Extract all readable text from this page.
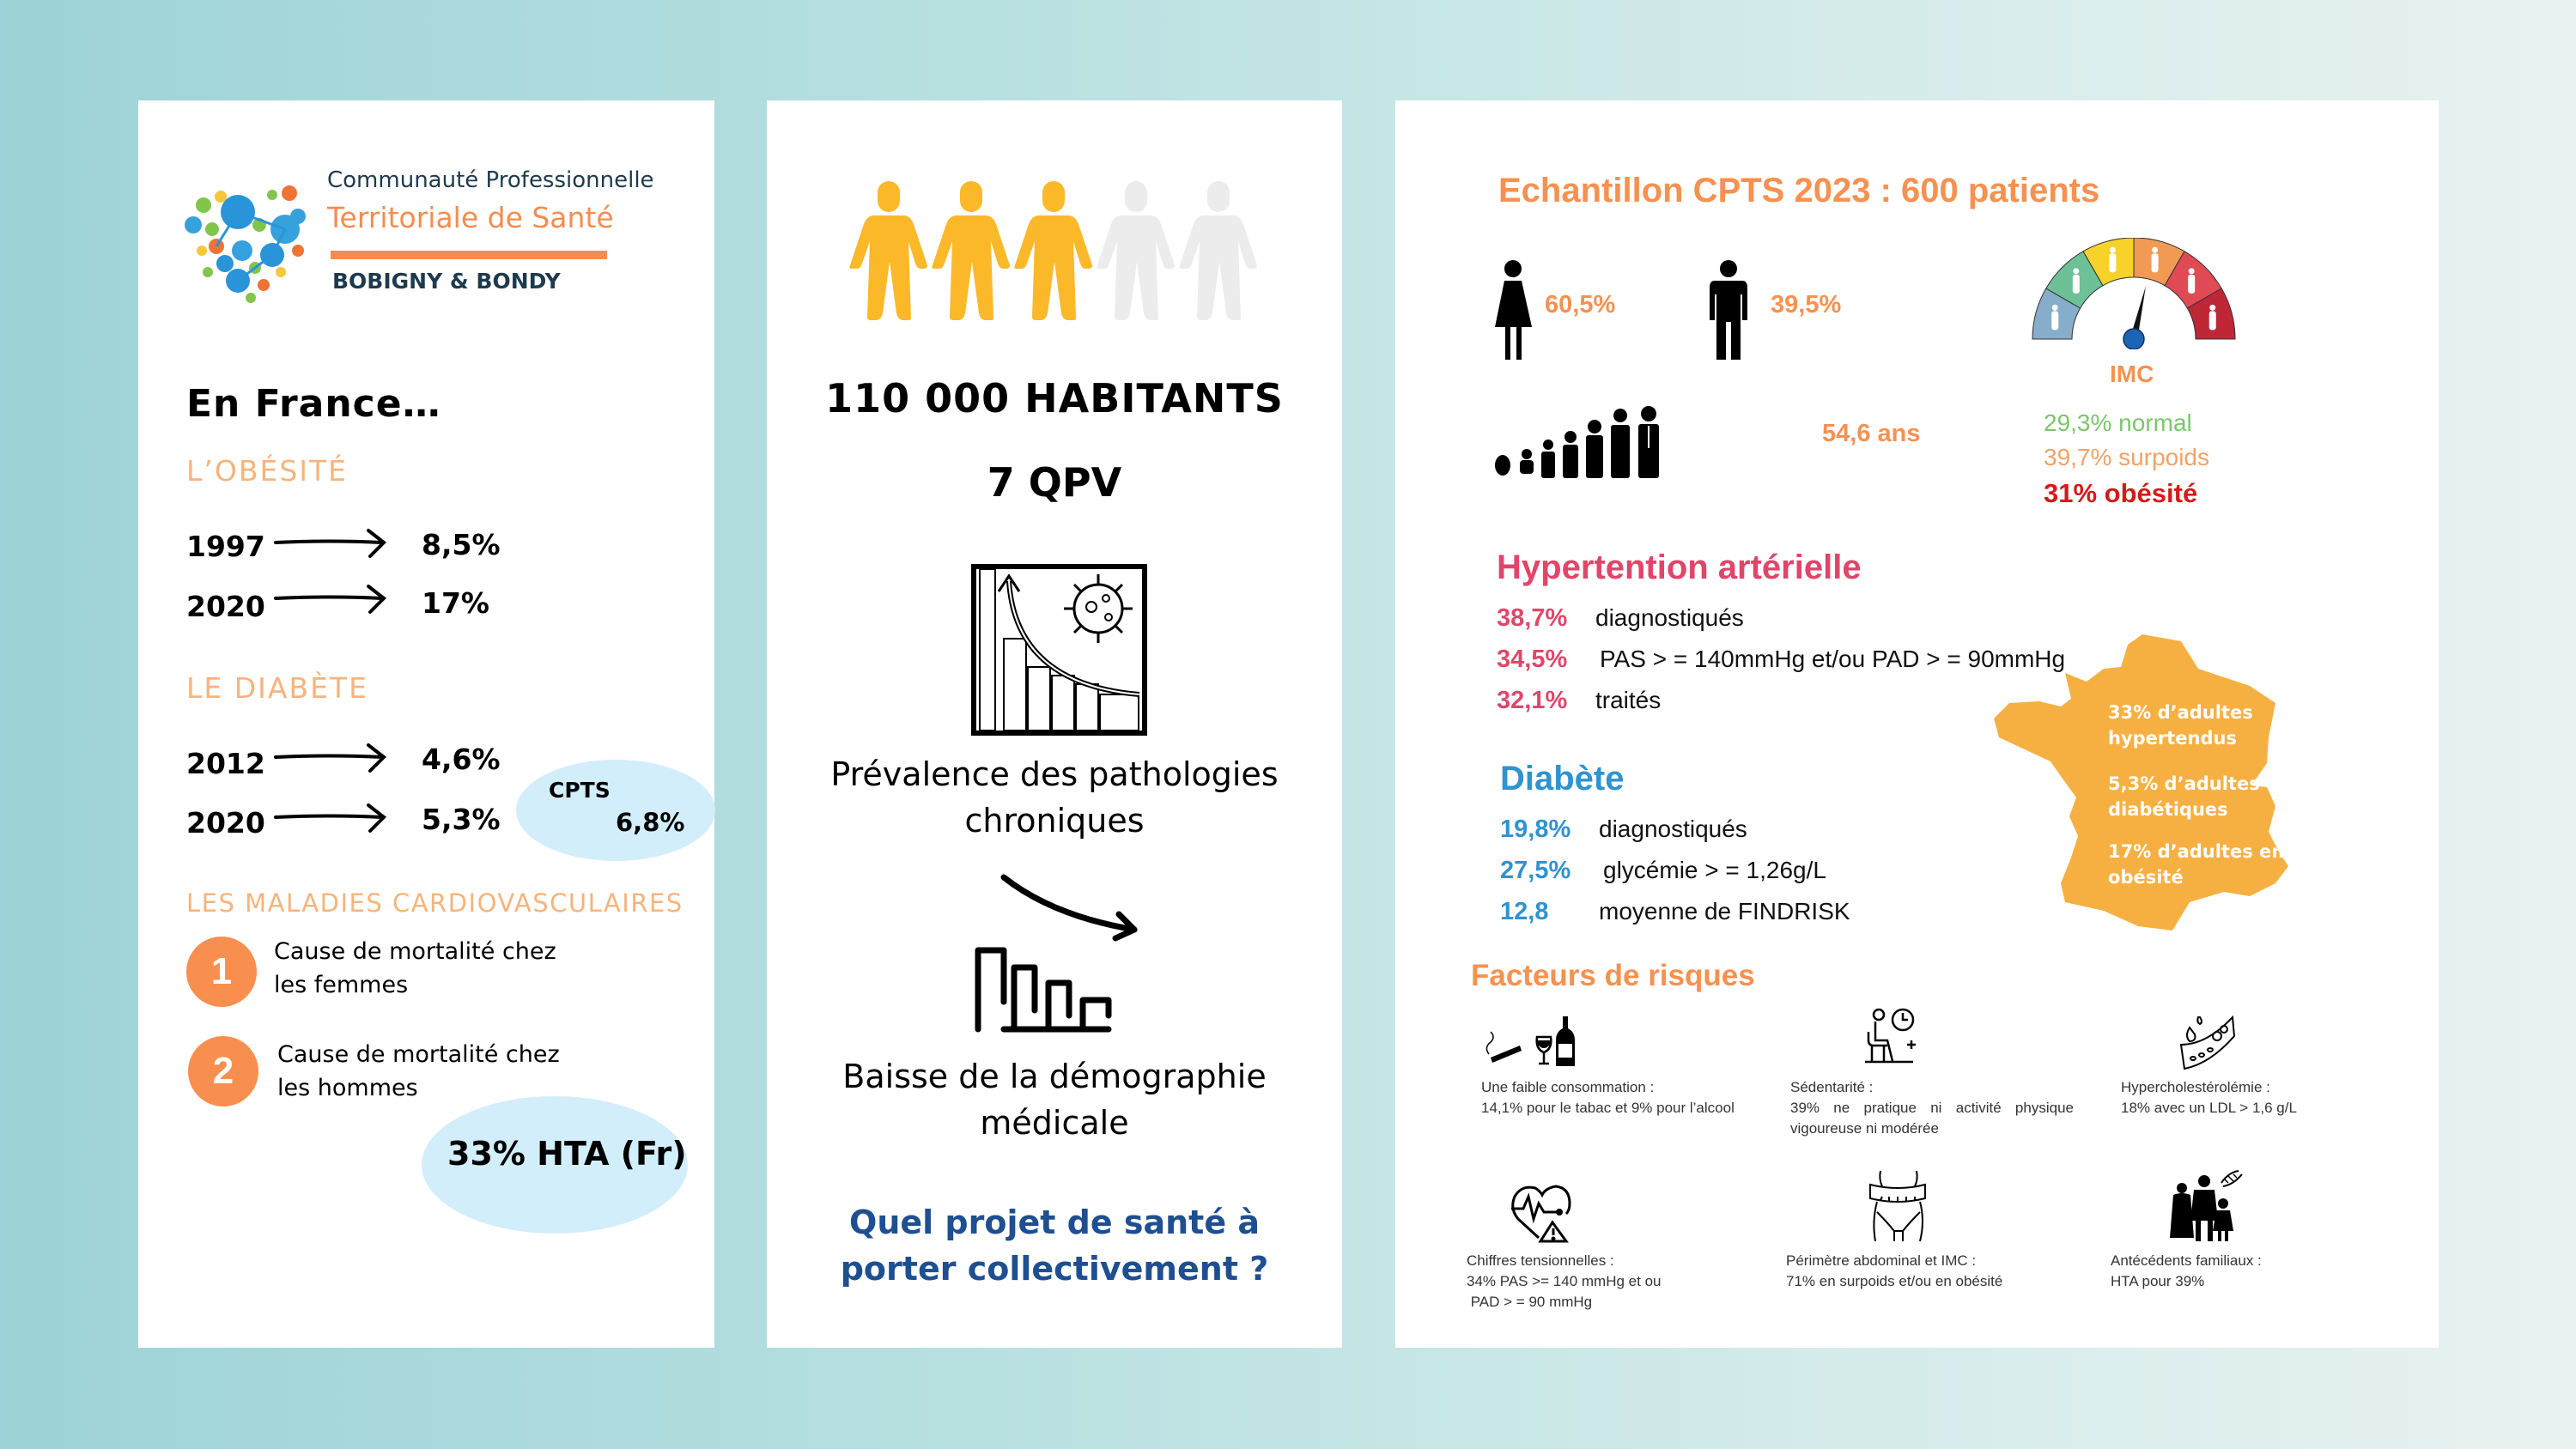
Communauté Professionnelle
Territoriale de Santé
BOBIGNY & BONDY
En France…
L’OBÉSITÉ
1997	8,5%
2020	17%
LE DIABÈTE
CPTS
6,8%
2012	4,6%
2020	5,3%
LES MALADIES CARDIOVASCULAIRES
1	Cause de mortalité chez
les femmes
2	Cause de mortalité chez
les hommes
33% HTA (Fr)
110 000 HABITANTS
7 QPV
Prévalence des pathologies
chroniques
Baisse de la démographie
médicale
Quel projet de santé à
porter collectivement ?
Echantillon CPTS 2023 : 600 patients
60,5%	39,5%
54,6 ans
IMC
29,3% normal
39,7% surpoids
31% obésité
Hypertention artérielle
38,7% diagnostiqués
34,5% PAS > = 140mmHg et/ou PAD > = 90mmHg
32,1% traités
Diabète
19,8% diagnostiqués
27,5% glycémie > = 1,26g/L
12,8 moyenne de FINDRISK
33% d’adultes
hypertendus
5,3% d’adultes
diabétiques
17% d’adultes en
obésité
Facteurs de risques
Une faible consommation :
14,1% pour le tabac et 9% pour l’alcool
Sédentarité :
39% ne pratique ni activité physique
vigoureuse ni modérée
Hypercholestérolémie :
18% avec un LDL > 1,6 g/L
Chiffres tensionnelles :
34% PAS >= 140 mmHg et ou
PAD > = 90 mmHg
Périmètre abdominal et IMC :
71% en surpoids et/ou en obésité
Antécédents familiaux :
HTA pour 39%
